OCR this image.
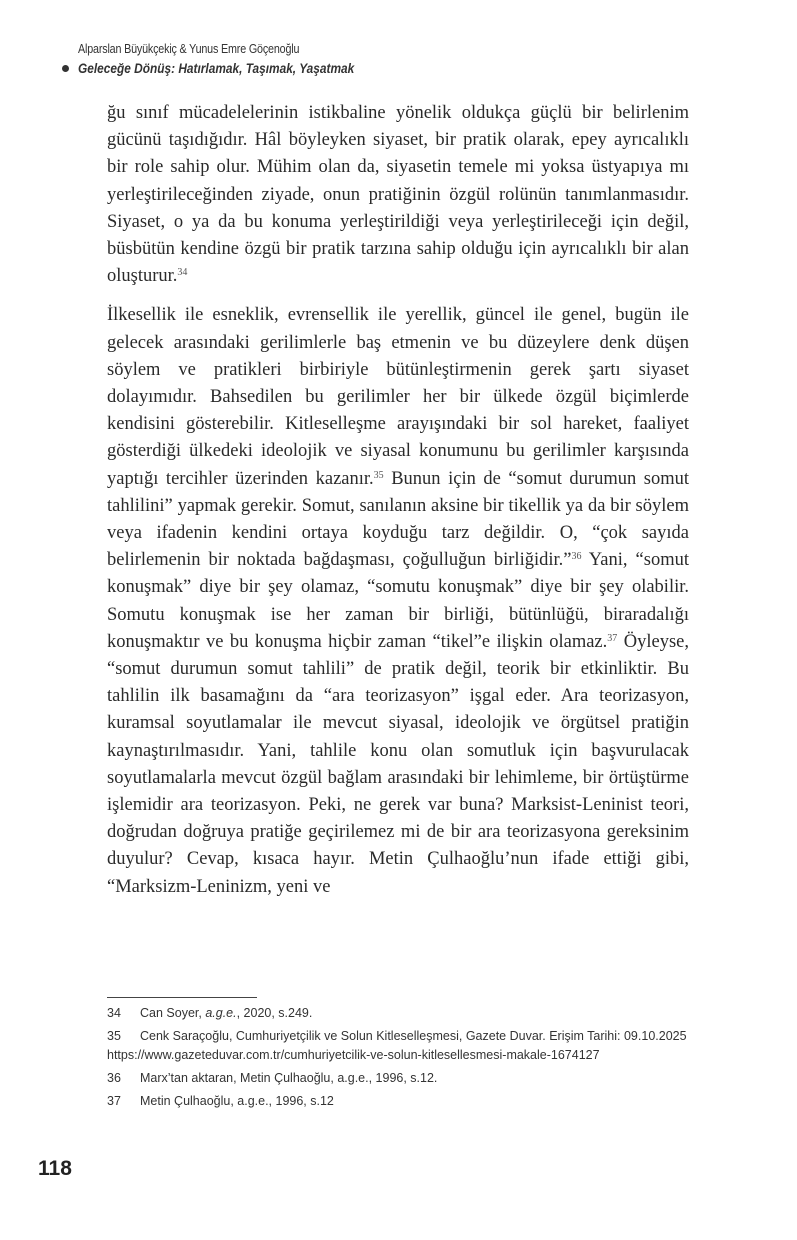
Alparslan Büyükçekiç & Yunus Emre Göçenoğlu
Geleceğe Dönüş: Hatırlamak, Taşımak, Yaşatmak

ğu sınıf mücadelelerinin istikbaline yönelik oldukça güçlü bir belirlenim gücünü taşıdığıdır. Hâl böyleyken siyaset, bir pratik olarak, epey ayrıcalıklı bir role sahip olur. Mühim olan da, siyasetin temele mi yoksa üstyapıya mı yerleştirileceğinden ziyade, onun pratiğinin özgül rolünün tanımlanmasıdır. Siyaset, o ya da bu konuma yerleştirildiği veya yerleştirileceği için değil, büsbütün kendine özgü bir pratik tarzına sahip olduğu için ayrıcalıklı bir alan oluşturur.$^{34}$

İlkesellik ile esneklik, evrensellik ile yerellik, güncel ile genel, bugün ile gelecek arasındaki gerilimlerle baş etmenin ve bu düzeylere denk düşen söylem ve pratikleri birbiriyle bütünleştirmenin gerek şartı siyaset dolayımıdır. Bahsedilen bu gerilimler her bir ülkede özgül biçimlerde kendisini gösterebilir. Kitleselleşme arayışındaki bir sol hareket, faaliyet gösterdiği ülkedeki ideolojik ve siyasal konumunu bu gerilimler karşısında yaptığı tercihler üzerinden kazanır.$^{35}$ Bunun için de “somut durumun somut tahlilini” yapmak gerekir. Somut, sanılanın aksine bir tikellik ya da bir söylem veya ifadenin kendini ortaya koyduğu tarz değildir. O, “çok sayıda belirlemenin bir noktada bağdaşması, çoğulluğun birliğidir.”$^{36}$ Yani, “somut konuşmak” diye bir şey olamaz, “somutu konuşmak” diye bir şey olabilir. Somutu konuşmak ise her zaman bir birliği, bütünlüğü, biraradalığı konuşmaktır ve bu konuşma hiçbir zaman “tikel”e ilişkin olamaz.$^{37}$ Öyleyse, “somut durumun somut tahlili” de pratik değil, teorik bir etkinliktir. Bu tahlilin ilk basamağını da “ara teorizasyon” işgal eder. Ara teorizasyon, kuramsal soyutlamalar ile mevcut siyasal, ideolojik ve örgütsel pratiğin kaynaştırılmasıdır. Yani, tahlile konu olan somutluk için başvurulacak soyutlamalarla mevcut özgül bağlam arasındaki bir lehimleme, bir örtüştürme işlemidir ara teorizasyon. Peki, ne gerek var buna? Marksist-Leninist teori, doğrudan doğruya pratiğe geçirilemez mi de bir ara teorizasyona gereksinim duyulur? Cevap, kısaca hayır. Metin Çulhaoğlu’nun ifade ettiği gibi, “Marksizm-Leninizm, yeni ve

34 Can Soyer, a.g.e., 2020, s.249.
35 Cenk Saraçoğlu, Cumhuriyetçilik ve Solun Kitleselleşmesi, Gazete Duvar. Erişim Tarihi: 09.10.2025
https://www.gazeteduvar.com.tr/cumhuriyetcilik-ve-solun-kitlesellesmesi-makale-1674127
36 Marx’tan aktaran, Metin Çulhaoğlu, a.g.e., 1996, s.12.
37 Metin Çulhaoğlu, a.g.e., 1996, s.12
118
